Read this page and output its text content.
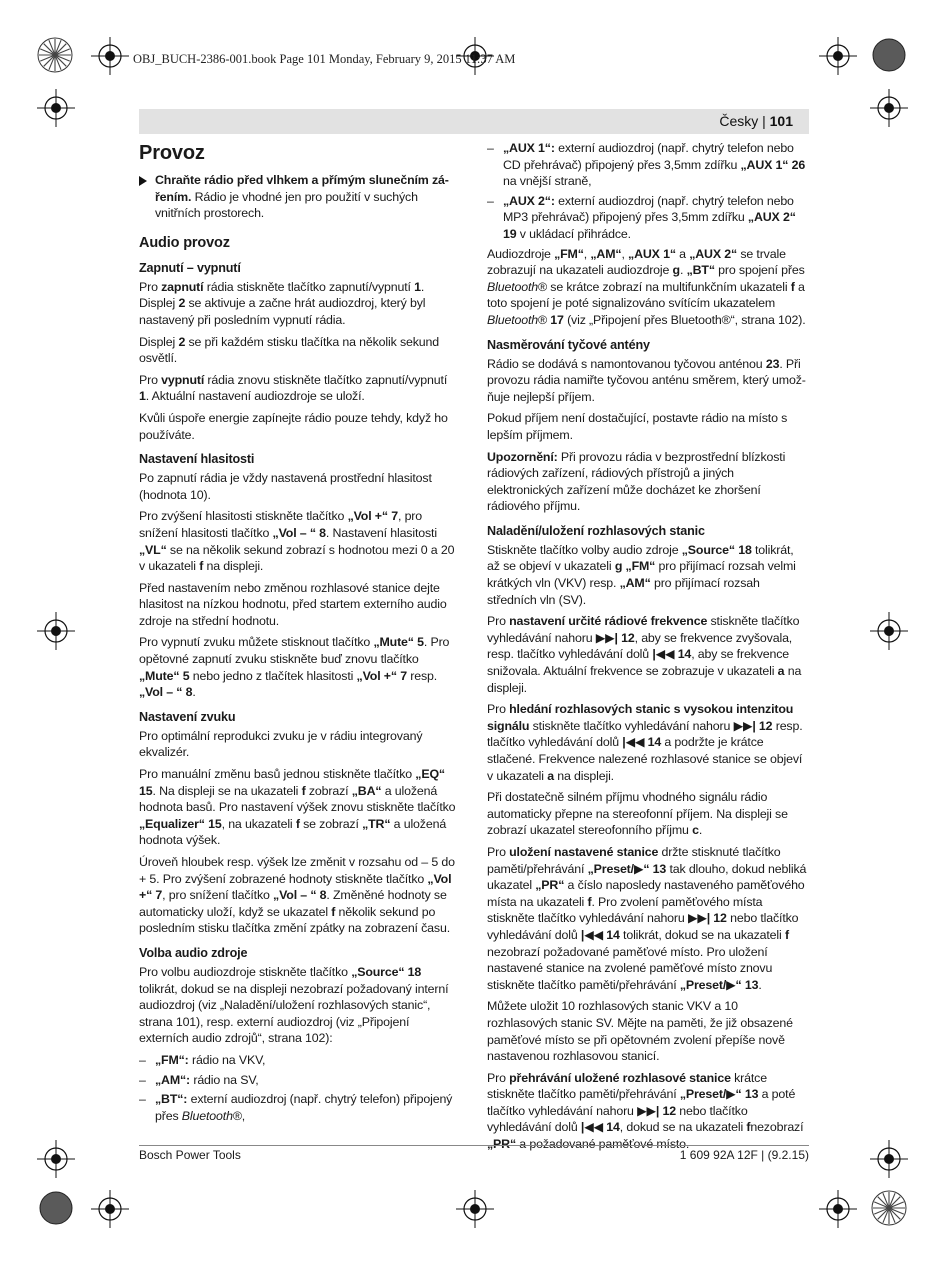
OBJ_BUCH-2386-001.book Page 101 Monday, February 9, 2015 11:37 AM
Česky | 101
Provoz
Chraňte rádio před vlhkem a přímým slunečním zářením. Rádio je vhodné jen pro použití v suchých vnitřních prostorech.
Audio provoz
Zapnutí – vypnutí

Pro zapnutí rádia stiskněte tlačítko zapnutí/vypnutí 1. Displej 2 se aktivuje a začne hrát audiozdroj, který byl nastavený při posledním vypnutí rádia.

Displej 2 se při každém stisku tlačítka na několik sekund osvětlí.

Pro vypnutí rádia znovu stiskněte tlačítko zapnutí/vypnutí 1. Aktuální nastavení audiozdroje se uloží.

Kvůli úspoře energie zapínejte rádio pouze tehdy, když ho používáte.

Nastavení hlasitosti

Po zapnutí rádia je vždy nastavená prostřední hlasitost (hodnota 10).

Pro zvýšení hlasitosti stiskněte tlačítko „Vol +“ 7, pro snížení hlasitosti tlačítko „Vol – “ 8. Nastavení hlasitosti „VL“ se na několik sekund zobrazí s hodnotou mezi 0 a 20 v ukazateli f na displeji.

Před nastavením nebo změnou rozhlasové stanice dejte hlasitost na nízkou hodnotu, před startem externího audio zdroje na střední hodnotu.

Pro vypnutí zvuku můžete stisknout tlačítko „Mute“ 5. Pro opětovné zapnutí zvuku stiskněte buď znovu tlačítko „Mute“ 5 nebo jedno z tlačítek hlasitosti „Vol +“ 7 resp. „Vol – “ 8.

Nastavení zvuku

Pro optimální reprodukci zvuku je v rádiu integrovaný ekvalizér.

Pro manuální změnu basů jednou stiskněte tlačítko „EQ“ 15. Na displeji se na ukazateli f zobrazí „BA“ a uložená hodnota basů. Pro nastavení výšek znovu stiskněte tlačítko „Equalizer“ 15, na ukazateli f se zobrazí „TR“ a uložená hodnota výšek.

Úroveň hloubek resp. výšek lze změnit v rozsahu od – 5 do + 5. Pro zvýšení zobrazené hodnoty stiskněte tlačítko „Vol +“ 7, pro snížení tlačítko „Vol – “ 8. Změněné hodnoty se automaticky uloží, když se ukazatel f několik sekund po posledním stisku tlačítka změní zpátky na zobrazení času.

Volba audio zdroje

Pro volbu audiozdroje stiskněte tlačítko „Source“ 18 tolikrát, dokud se na displeji nezobrazí požadovaný interní audiozdroj (viz „Naladění/uložení rozhlasových stanic“, strana 101), resp. externí audiozdroj (viz „Připojení externích audio zdrojů“, strana 102):

– „FM“: rádio na VKV,
– „AM“: rádio na SV,
– „BT“: externí audiozdroj (např. chytrý telefon) připojený přes Bluetooth®,
– „AUX 1“: externí audiozdroj (např. chytrý telefon nebo CD přehrávač) připojený přes 3,5mm zdířku „AUX 1“ 26 na vnější straně,
– „AUX 2“: externí audiozdroj (např. chytrý telefon nebo MP3 přehrávač) připojený přes 3,5mm zdířku „AUX 2“ 19 v ukládací přihrádce.

Audiozdroje „FM“, „AM“, „AUX 1“ a „AUX 2“ se trvale zobrazují na ukazateli audiozdroje g. „BT“ pro spojení přes Bluetooth® se krátce zobrazí na multifunkčním ukazateli f a toto spojení je poté signalizováno svítícím ukazatelem Bluetooth® 17 (viz „Připojení přes Bluetooth®“, strana 102).

Nasměrování tyčové antény

Rádio se dodává s namontovanou tyčovou anténou 23. Při provozu rádia namiřte tyčovou anténu směrem, který umožňuje nejlepší příjem.

Pokud příjem není dostačující, postavte rádio na místo s lepším příjmem.

Upozornění: Při provozu rádia v bezprostřední blízkosti rádiových zařízení, rádiových přístrojů a jiných elektronických zařízení může docházet ke zhoršení rádiového příjmu.

Naladění/uložení rozhlasových stanic

Stiskněte tlačítko volby audio zdroje „Source“ 18 tolikrát, až se objeví v ukazateli g „FM“ pro přijímací rozsah velmi krátkých vln (VKV) resp. „AM“ pro přijímací rozsah středních vln (SV).

Pro nastavení určité rádiové frekvence stiskněte tlačítko vyhledávání nahoru ▶▶| 12, aby se frekvence zvyšovala, resp. tlačítko vyhledávání dolů |◀◀ 14, aby se frekvence snižovala. Aktuální frekvence se zobrazuje v ukazateli a na displeji.

Pro hledání rozhlasových stanic s vysokou intenzitou signálu stiskněte tlačítko vyhledávání nahoru ▶▶| 12 resp. tlačítko vyhledávání dolů |◀◀ 14 a podržte je krátce stlačené. Frekvence nalezené rozhlasové stanice se objeví v ukazateli a na displeji.

Při dostatečně silném příjmu vhodného signálu rádio automaticky přepne na stereofonní příjem. Na displeji se zobrazí ukazatel stereofonního příjmu c.

Pro uložení nastavené stanice držte stisknuté tlačítko paměti/přehrávání „Preset/▶“ 13 tak dlouho, dokud nebliká ukazatel „PR“ a číslo naposledy nastaveného paměťového místa na ukazateli f. Pro zvolení paměťového místa stiskněte tlačítko vyhledávání nahoru ▶▶| 12 nebo tlačítko vyhledávání dolů |◀◀ 14 tolikrát, dokud se na ukazateli f nezobrazí požadované paměťové místo. Pro uložení nastavené stanice na zvolené paměťové místo znovu stiskněte tlačítko paměti/přehrávání „Preset/▶“ 13.

Můžete uložit 10 rozhlasových stanic VKV a 10 rozhlasových stanic SV. Mějte na paměti, že již obsazené paměťové místo se při opětovném zvolení přepíše nově nastavenou rozhlasovou stanicí.

Pro přehrávání uložené rozhlasové stanice krátce stiskněte tlačítko paměti/přehrávání „Preset/▶“ 13 a poté tlačítko vyhledávání nahoru ▶▶| 12 nebo tlačítko vyhledávání dolů |◀◀ 14, dokud se na ukazateli fnezobrazí

Bosch Power Tools	1 609 92A 12F | (9.2.15)
